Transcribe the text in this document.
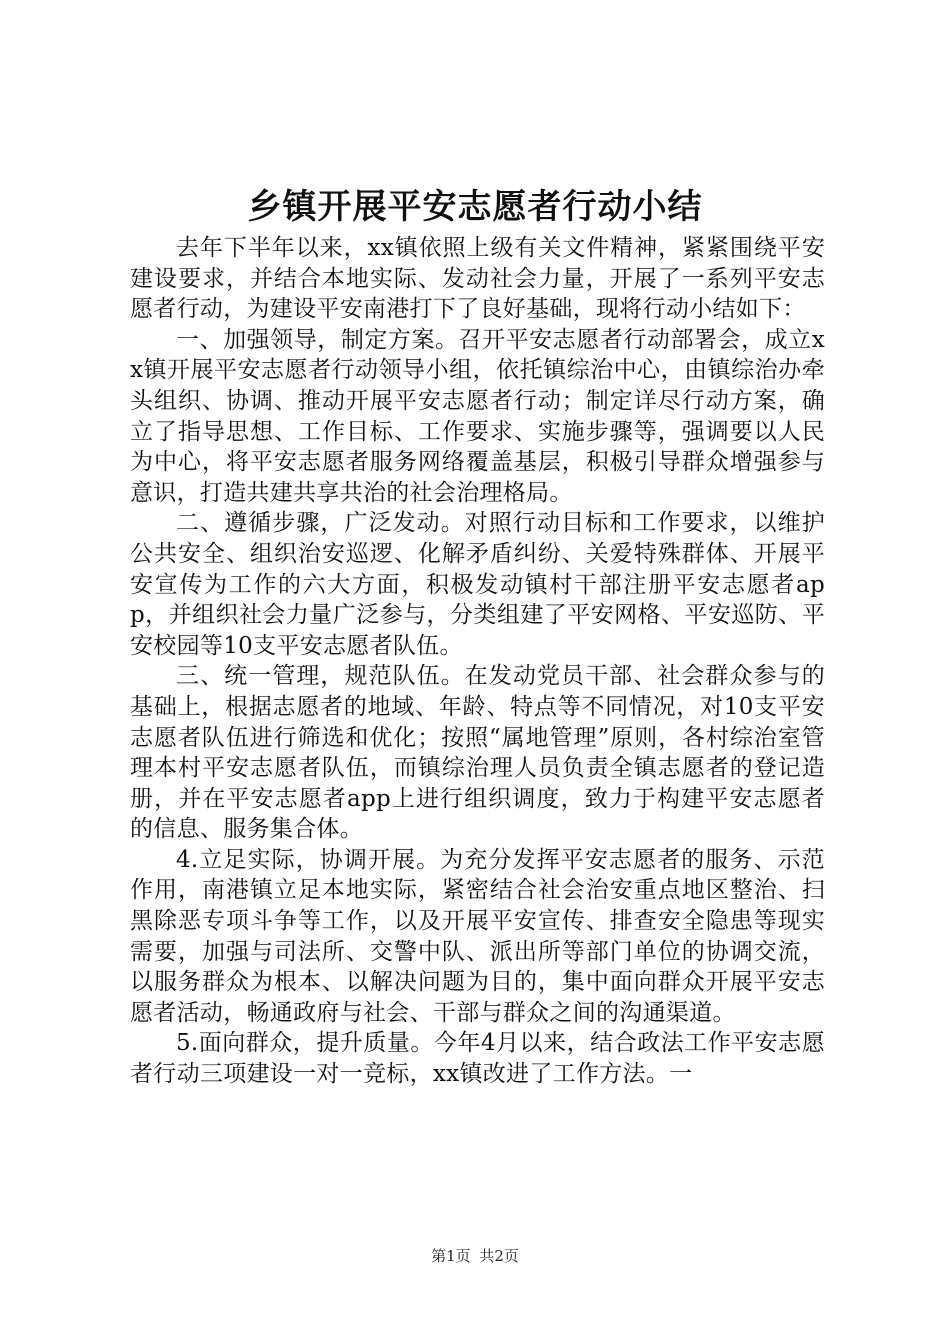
乡镇开展平安志愿者行动小结

去年下半年以来，xx镇依照上级有关文件精神，紧紧围绕平安建设要求，并结合本地实际、发动社会力量，开展了一系列平安志愿者行动，为建设平安南港打下了良好基础，现将行动小结如下：

一、加强领导，制定方案。召开平安志愿者行动部署会，成立xx镇开展平安志愿者行动领导小组，依托镇综治中心，由镇综治办牵头组织、协调、推动开展平安志愿者行动；制定详尽行动方案，确立了指导思想、工作目标、工作要求、实施步骤等，强调要以人民为中心，将平安志愿者服务网络覆盖基层，积极引导群众增强参与意识，打造共建共享共治的社会治理格局。

二、遵循步骤，广泛发动。对照行动目标和工作要求，以维护公共安全、组织治安巡逻、化解矛盾纠纷、关爱特殊群体、开展平安宣传为工作的六大方面，积极发动镇村干部注册平安志愿者app，并组织社会力量广泛参与，分类组建了平安网格、平安巡防、平安校园等10支平安志愿者队伍。

三、统一管理，规范队伍。在发动党员干部、社会群众参与的基础上，根据志愿者的地域、年龄、特点等不同情况，对10支平安志愿者队伍进行筛选和优化；按照“属地管理”原则，各村综治室管理本村平安志愿者队伍，而镇综治理人员负责全镇志愿者的登记造册，并在平安志愿者app上进行组织调度，致力于构建平安志愿者的信息、服务集合体。

4.立足实际，协调开展。为充分发挥平安志愿者的服务、示范作用，南港镇立足本地实际，紧密结合社会治安重点地区整治、扫黑除恶专项斗争等工作，以及开展平安宣传、排查安全隐患等现实需要，加强与司法所、交警中队、派出所等部门单位的协调交流，以服务群众为根本、以解决问题为目的，集中面向群众开展平安志愿者活动，畅通政府与社会、干部与群众之间的沟通渠道。

5.面向群众，提升质量。今年4月以来，结合政法工作平安志愿者行动三项建设一对一竞标，xx镇改进了工作方法。一

第1页 共2页
